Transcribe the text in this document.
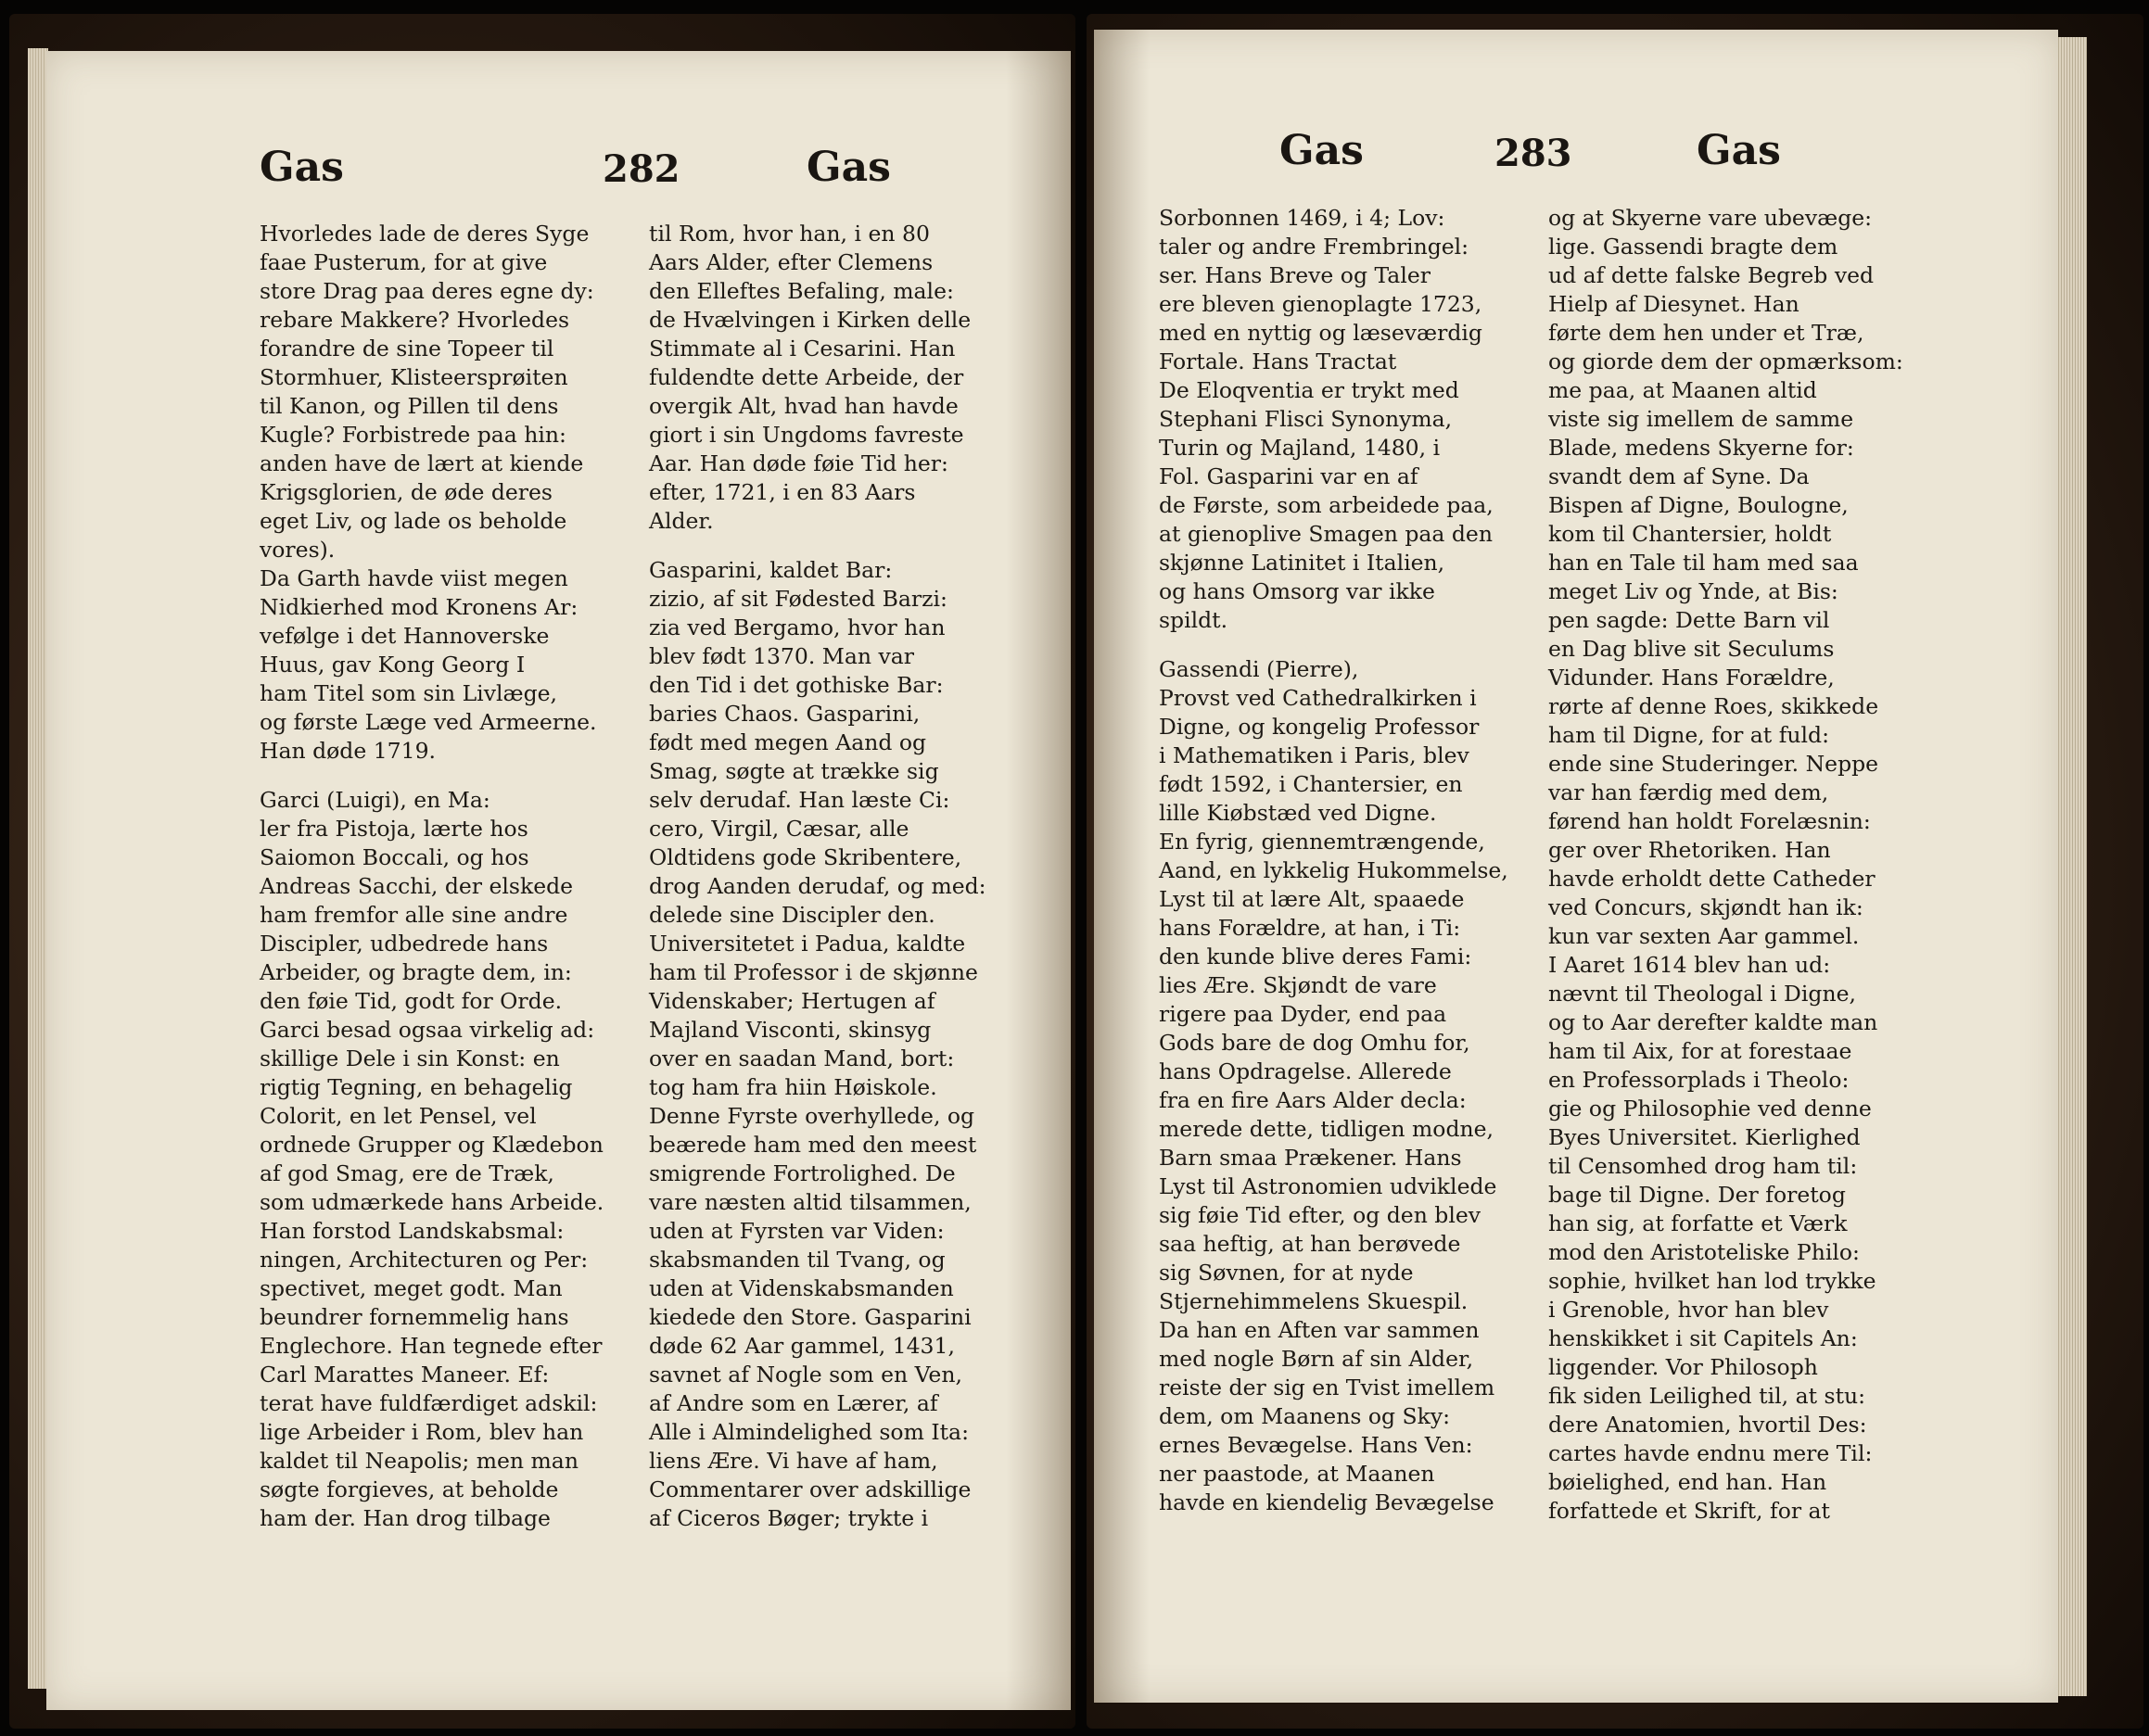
Gas	282	Gas

Hvorledes lade de deres Syge

faae Pusterum, for at give

store Drag paa deres egne dy:

rebare Makkere? Hvorledes

forandre de sine Topeer til

Stormhuer, Klisteersprøiten

til Kanon, og Pillen til dens

Kugle? Forbistrede paa hin:

anden have de lært at kiende

Krigsglorien, de øde deres

eget Liv, og lade os beholde

vores).

Da Garth havde viist megen

Nidkierhed mod Kronens Ar:

vefølge i det Hannoverske

Huus, gav Kong Georg I

ham Titel som sin Livlæge,

og første Læge ved Armeerne.

Han døde 1719.

Garci (Luigi), en Ma:

ler fra Pistoja, lærte hos

Saiomon Boccali, og hos

Andreas Sacchi, der elskede

ham fremfor alle sine andre

Discipler, udbedrede hans

Arbeider, og bragte dem, in:

den føie Tid, godt for Orde.

Garci besad ogsaa virkelig ad:

skillige Dele i sin Konst: en

rigtig Tegning, en behagelig

Colorit, en let Pensel, vel

ordnede Grupper og Klædebon

af god Smag, ere de Træk,

som udmærkede hans Arbeide.

Han forstod Landskabsmal:

ningen, Architecturen og Per:

spectivet, meget godt. Man

beundrer fornemmelig hans

Englechore. Han tegnede efter

Carl Marattes Maneer. Ef:

terat have fuldfærdiget adskil:

lige Arbeider i Rom, blev han

kaldet til Neapolis; men man

søgte forgieves, at beholde

ham der. Han drog tilbage

til Rom, hvor han, i en 80

Aars Alder, efter Clemens

den Elleftes Befaling, male:

de Hvælvingen i Kirken delle

Stimmate al i Cesarini. Han

fuldendte dette Arbeide, der

overgik Alt, hvad han havde

giort i sin Ungdoms favreste

Aar. Han døde føie Tid her:

efter, 1721, i en 83 Aars

Alder.

Gasparini, kaldet Bar:

zizio, af sit Fødested Barzi:

zia ved Bergamo, hvor han

blev født 1370. Man var

den Tid i det gothiske Bar:

baries Chaos. Gasparini,

født med megen Aand og

Smag, søgte at trække sig

selv derudaf. Han læste Ci:

cero, Virgil, Cæsar, alle

Oldtidens gode Skribentere,

drog Aanden derudaf, og med:

delede sine Discipler den.

Universitetet i Padua, kaldte

ham til Professor i de skjønne

Videnskaber; Hertugen af

Majland Visconti, skinsyg

over en saadan Mand, bort:

tog ham fra hiin Høiskole.

Denne Fyrste overhyllede, og

beærede ham med den meest

smigrende Fortrolighed. De

vare næsten altid tilsammen,

uden at Fyrsten var Viden:

skabsmanden til Tvang, og

uden at Videnskabsmanden

kiedede den Store. Gasparini

døde 62 Aar gammel, 1431,

savnet af Nogle som en Ven,

af Andre som en Lærer, af

Alle i Almindelighed som Ita:

liens Ære. Vi have af ham,

Commentarer over adskillige

af Ciceros Bøger; trykte i

Gas	283	Gas

Sorbonnen 1469, i 4; Lov:

taler og andre Frembringel:

ser. Hans Breve og Taler

ere bleven gienoplagte 1723,

med en nyttig og læseværdig

Fortale. Hans Tractat

De Eloqventia er trykt med

Stephani Flisci Synonyma,

Turin og Majland, 1480, i

Fol. Gasparini var en af

de Første, som arbeidede paa,

at gienoplive Smagen paa den

skjønne Latinitet i Italien,

og hans Omsorg var ikke

spildt.

Gassendi (Pierre),

Provst ved Cathedralkirken i

Digne, og kongelig Professor

i Mathematiken i Paris, blev

født 1592, i Chantersier, en

lille Kiøbstæd ved Digne.

En fyrig, giennemtrængende,

Aand, en lykkelig Hukommelse,

Lyst til at lære Alt, spaaede

hans Forældre, at han, i Ti:

den kunde blive deres Fami:

lies Ære. Skjøndt de vare

rigere paa Dyder, end paa

Gods bare de dog Omhu for,

hans Opdragelse. Allerede

fra en fire Aars Alder decla:

merede dette, tidligen modne,

Barn smaa Prækener. Hans

Lyst til Astronomien udviklede

sig føie Tid efter, og den blev

saa heftig, at han berøvede

sig Søvnen, for at nyde

Stjernehimmelens Skuespil.

Da han en Aften var sammen

med nogle Børn af sin Alder,

reiste der sig en Tvist imellem

dem, om Maanens og Sky:

ernes Bevægelse. Hans Ven:

ner paastode, at Maanen

havde en kiendelig Bevægelse

og at Skyerne vare ubevæge:

lige. Gassendi bragte dem

ud af dette falske Begreb ved

Hielp af Diesynet. Han

førte dem hen under et Træ,

og giorde dem der opmærksom:

me paa, at Maanen altid

viste sig imellem de samme

Blade, medens Skyerne for:

svandt dem af Syne. Da

Bispen af Digne, Boulogne,

kom til Chantersier, holdt

han en Tale til ham med saa

meget Liv og Ynde, at Bis:

pen sagde: Dette Barn vil

en Dag blive sit Seculums

Vidunder. Hans Forældre,

rørte af denne Roes, skikkede

ham til Digne, for at fuld:

ende sine Studeringer. Neppe

var han færdig med dem,

førend han holdt Forelæsnin:

ger over Rhetoriken. Han

havde erholdt dette Catheder

ved Concurs, skjøndt han ik:

kun var sexten Aar gammel.

I Aaret 1614 blev han ud:

nævnt til Theologal i Digne,

og to Aar derefter kaldte man

ham til Aix, for at forestaae

en Professorplads i Theolo:

gie og Philosophie ved denne

Byes Universitet. Kierlighed

til Censomhed drog ham til:

bage til Digne. Der foretog

han sig, at forfatte et Værk

mod den Aristoteliske Philo:

sophie, hvilket han lod trykke

i Grenoble, hvor han blev

henskikket i sit Capitels An:

liggender. Vor Philosoph

fik siden Leilighed til, at stu:

dere Anatomien, hvortil Des:

cartes havde endnu mere Til:

bøielighed, end han. Han

forfattede et Skrift, for at
